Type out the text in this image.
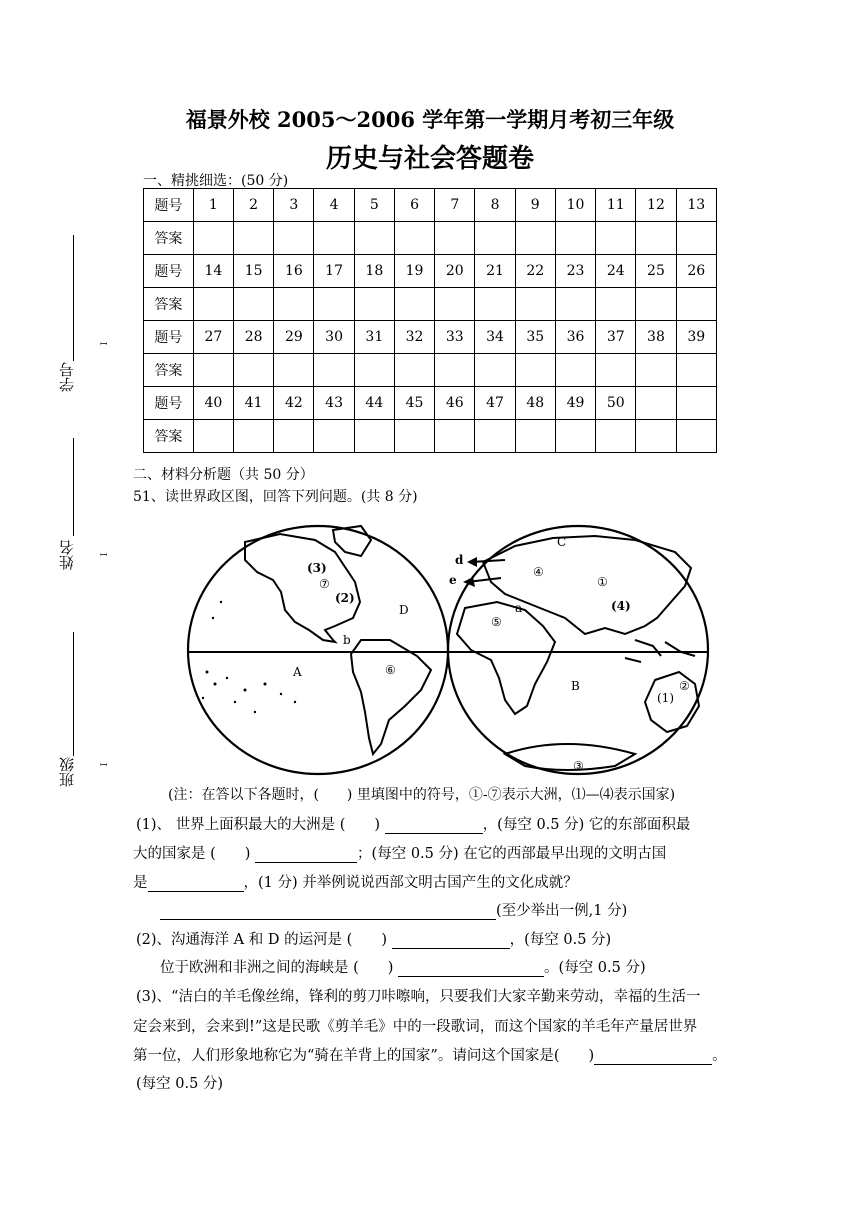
福景外校 2005～2006 学年第一学期月考初三年级
历史与社会答题卷
学号
姓名
班级
ꟷ
ꟷ
ꟷ
一、精挑细选：(50 分)
题号	1	2	3	4	5	6	7	8	9	10	11	12	13
答案													
题号	14	15	16	17	18	19	20	21	22	23	24	25	26
答案													
题号	27	28	29	30	31	32	33	34	35	36	37	38	39
答案													
题号	40	41	42	43	44	45	46	47	48	49	50		
答案													
二、材料分析题（共 50 分）
51、读世界政区图，回答下列问题。(共 8 分)
d
e
C
④
①
(4)
a
⑤
B	②
(1)
③
(3)
⑦
(2)
D
b
A	⑥
(注：在答以下各题时，(　　) 里填图中的符号，①-⑦表示大洲，⑴—⑷表示国家)
(1)、 世界上面积最大的大洲是 (　　)	，(每空 0.5 分) 它的东部面积最
大的国家是 (　　)	；(每空 0.5 分) 在它的西部最早出现的文明古国
是	，(1 分) 并举例说说西部文明古国产生的文化成就？
(至少举出一例,1 分)
(2)、沟通海洋 A 和 D 的运河是 (　　)	，(每空 0.5 分)
位于欧洲和非洲之间的海峡是 (　　)	。(每空 0.5 分)
(3)、“洁白的羊毛像丝绵，锋利的剪刀咔嚓响，只要我们大家辛勤来劳动，幸福的生活一
定会来到，会来到!”这是民歌《剪羊毛》中的一段歌词，而这个国家的羊毛年产量居世界
第一位，人们形象地称它为“骑在羊背上的国家”。请问这个国家是(　　)	。
(每空 0.5 分)
